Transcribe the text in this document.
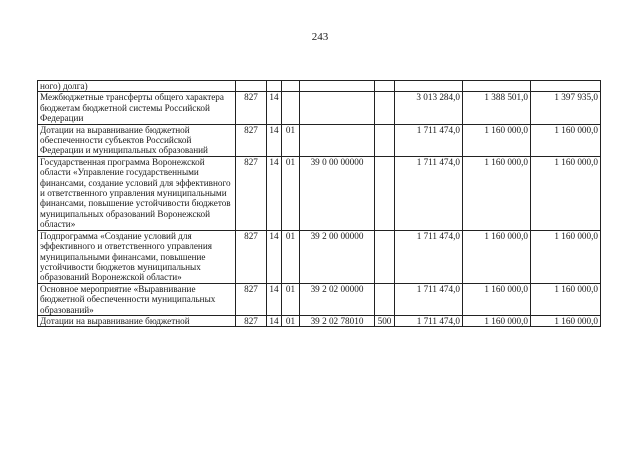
243
ного) долга)								
Межбюджетные трансферты общего характера бюджетам бюджетной системы Российской Федерации	827	14				3 013 284,0	1 388 501,0	1 397 935,0
Дотации на выравнивание бюджетной обеспеченности субъектов Российской Федерации и муниципальных образований	827	14	01			1 711 474,0	1 160 000,0	1 160 000,0
Государственная программа Воронежской области «Управление государственными финансами, создание условий для эффективного и ответственного управления муниципальными финансами, повышение устойчивости бюджетов муниципальных образований Воронежской области»	827	14	01	39 0 00 00000		1 711 474,0	1 160 000,0	1 160 000,0
Подпрограмма «Создание условий для эффективного и ответственного управления муниципальными финансами, повышение устойчивости бюджетов муниципальных образований Воронежской области»	827	14	01	39 2 00 00000		1 711 474,0	1 160 000,0	1 160 000,0
Основное мероприятие «Выравнивание бюджетной обеспеченности муниципальных образований»	827	14	01	39 2 02 00000		1 711 474,0	1 160 000,0	1 160 000,0
Дотации на выравнивание бюджетной	827	14	01	39 2 02 78010	500	1 711 474,0	1 160 000,0	1 160 000,0
